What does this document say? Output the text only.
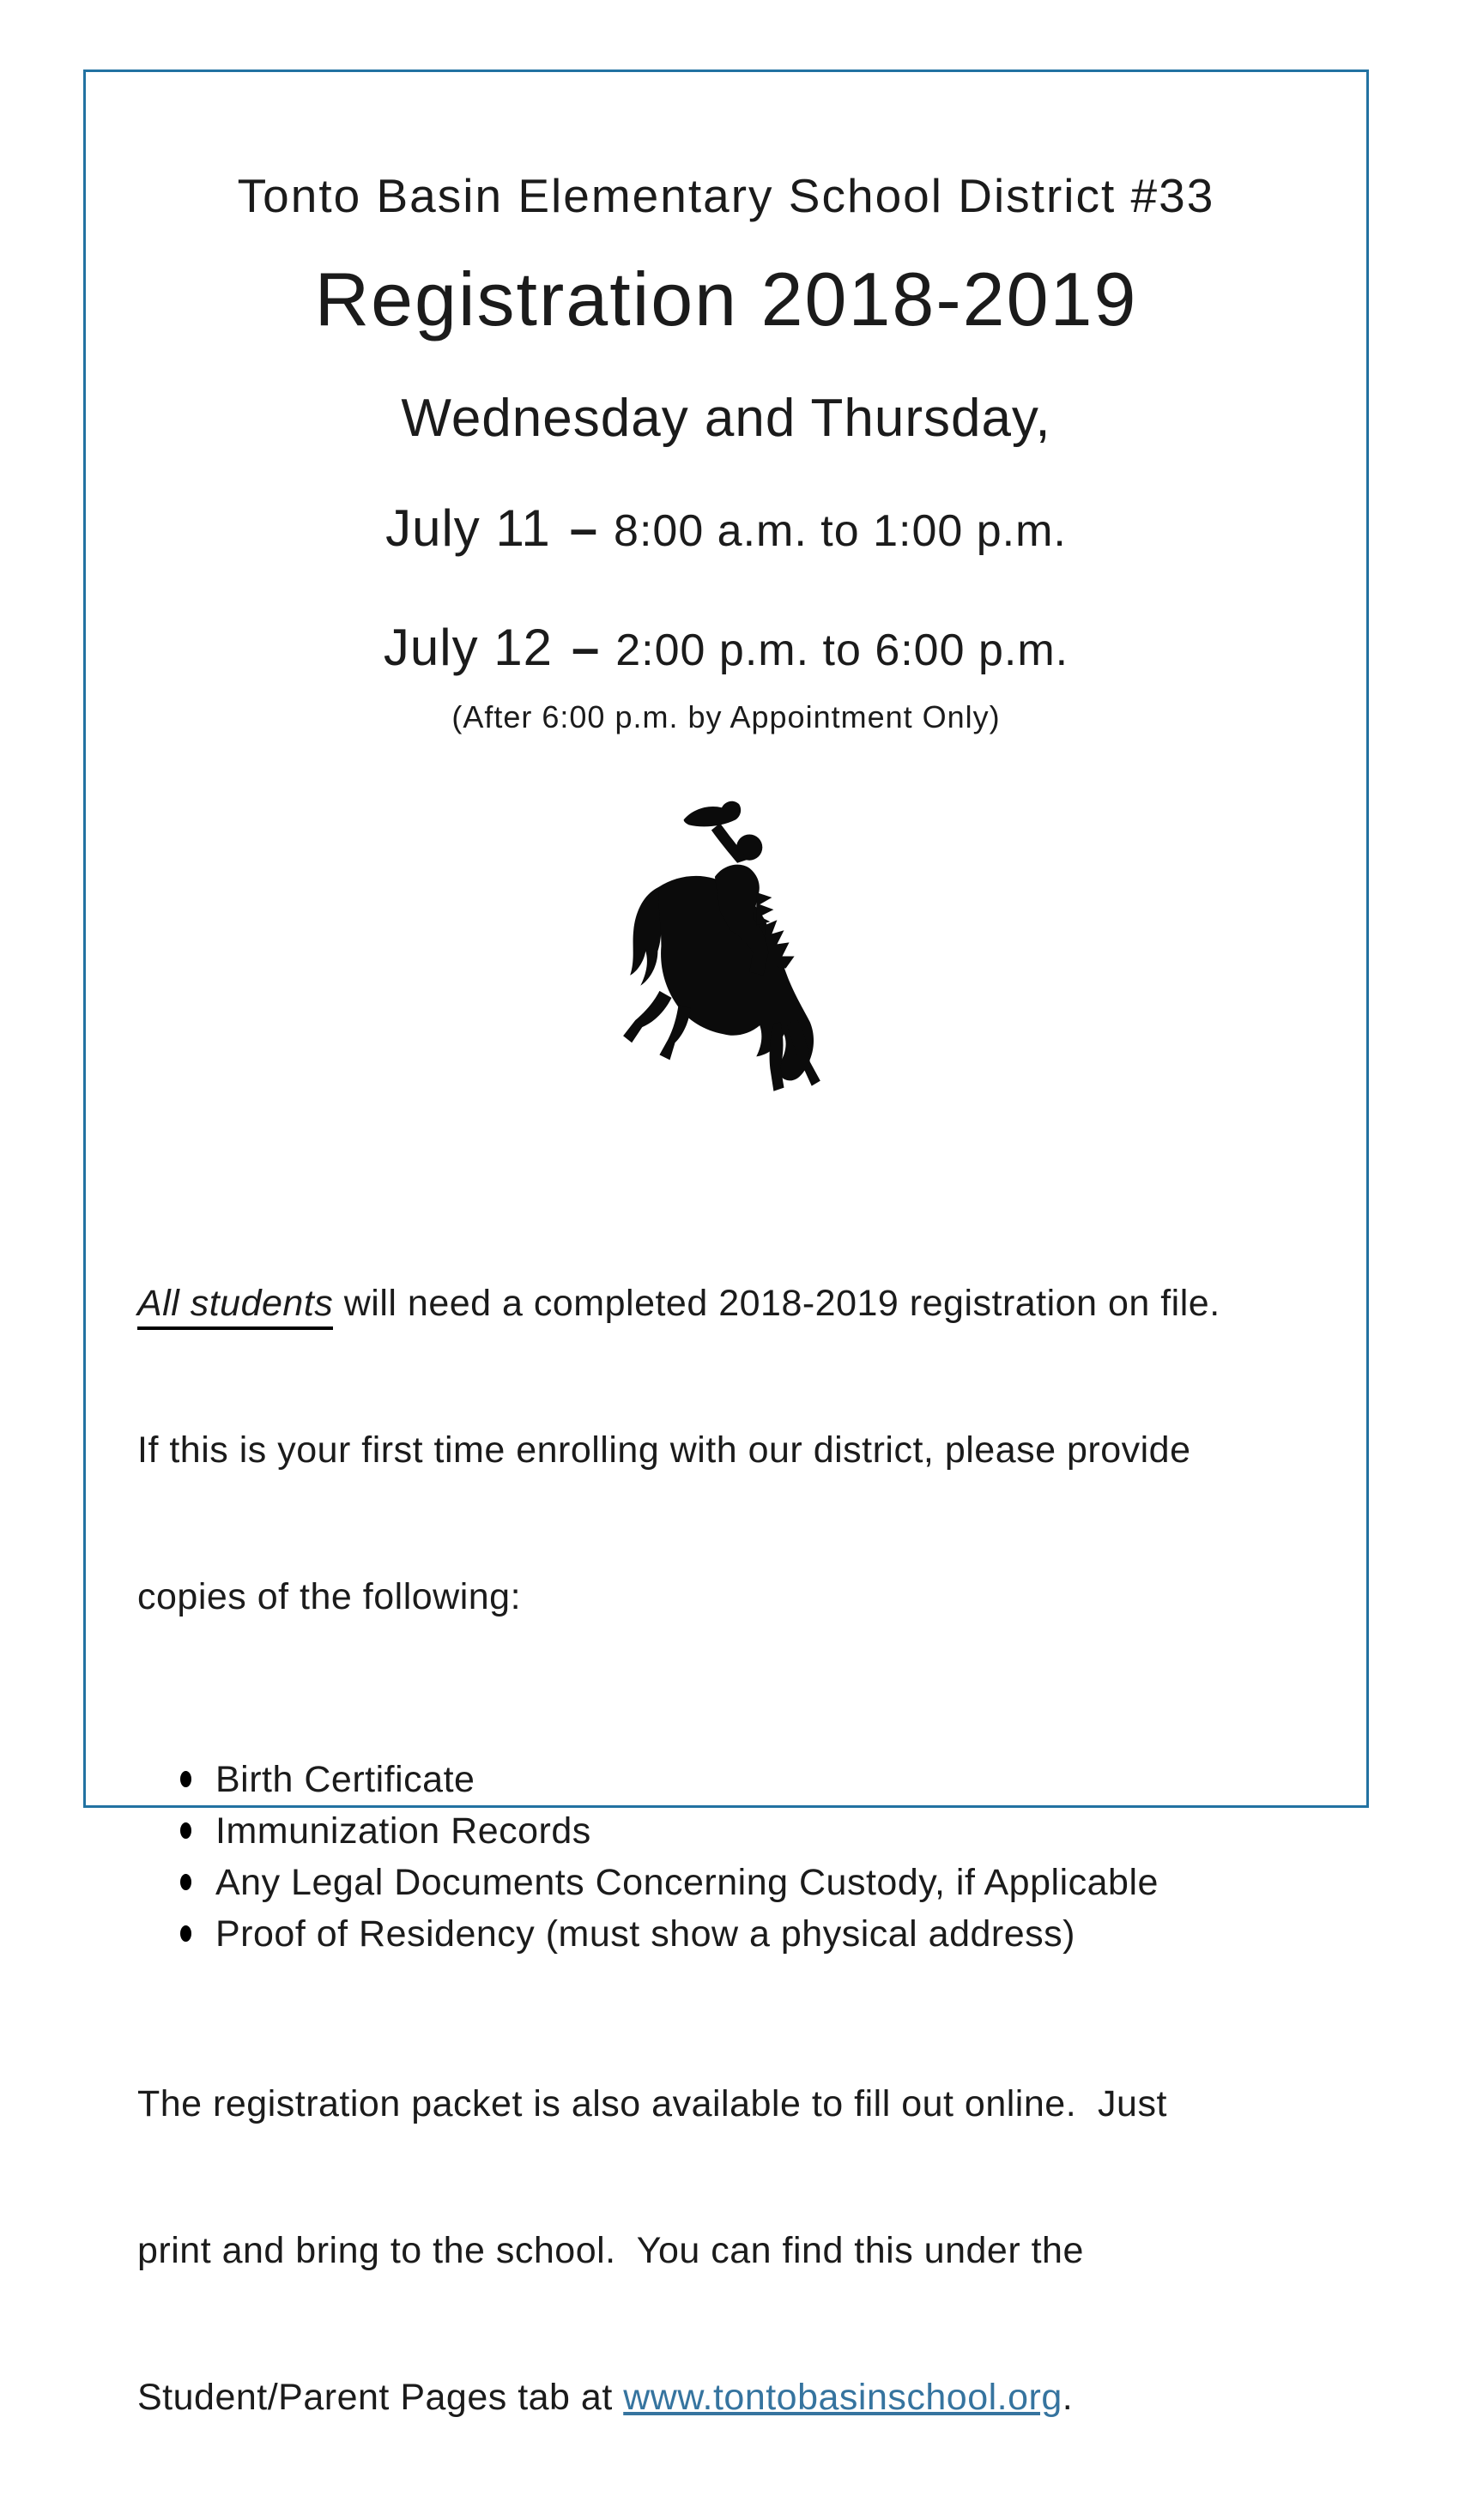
Tonto Basin Elementary School District #33
Registration 2018-2019
Wednesday and Thursday,
July 11 – 8:00 a.m. to 1:00 p.m.
July 12 – 2:00 p.m. to 6:00 p.m.
(After 6:00 p.m. by Appointment Only)

All students will need a completed 2018-2019 registration on file.

If this is your first time enrolling with our district, please provide

copies of the following:

Birth Certificate
Immunization Records
Any Legal Documents Concerning Custody, if Applicable
Proof of Residency (must show a physical address)

The registration packet is also available to fill out online.  Just

print and bring to the school.  You can find this under the

Student/Parent Pages tab at www.tontobasinschool.org.
